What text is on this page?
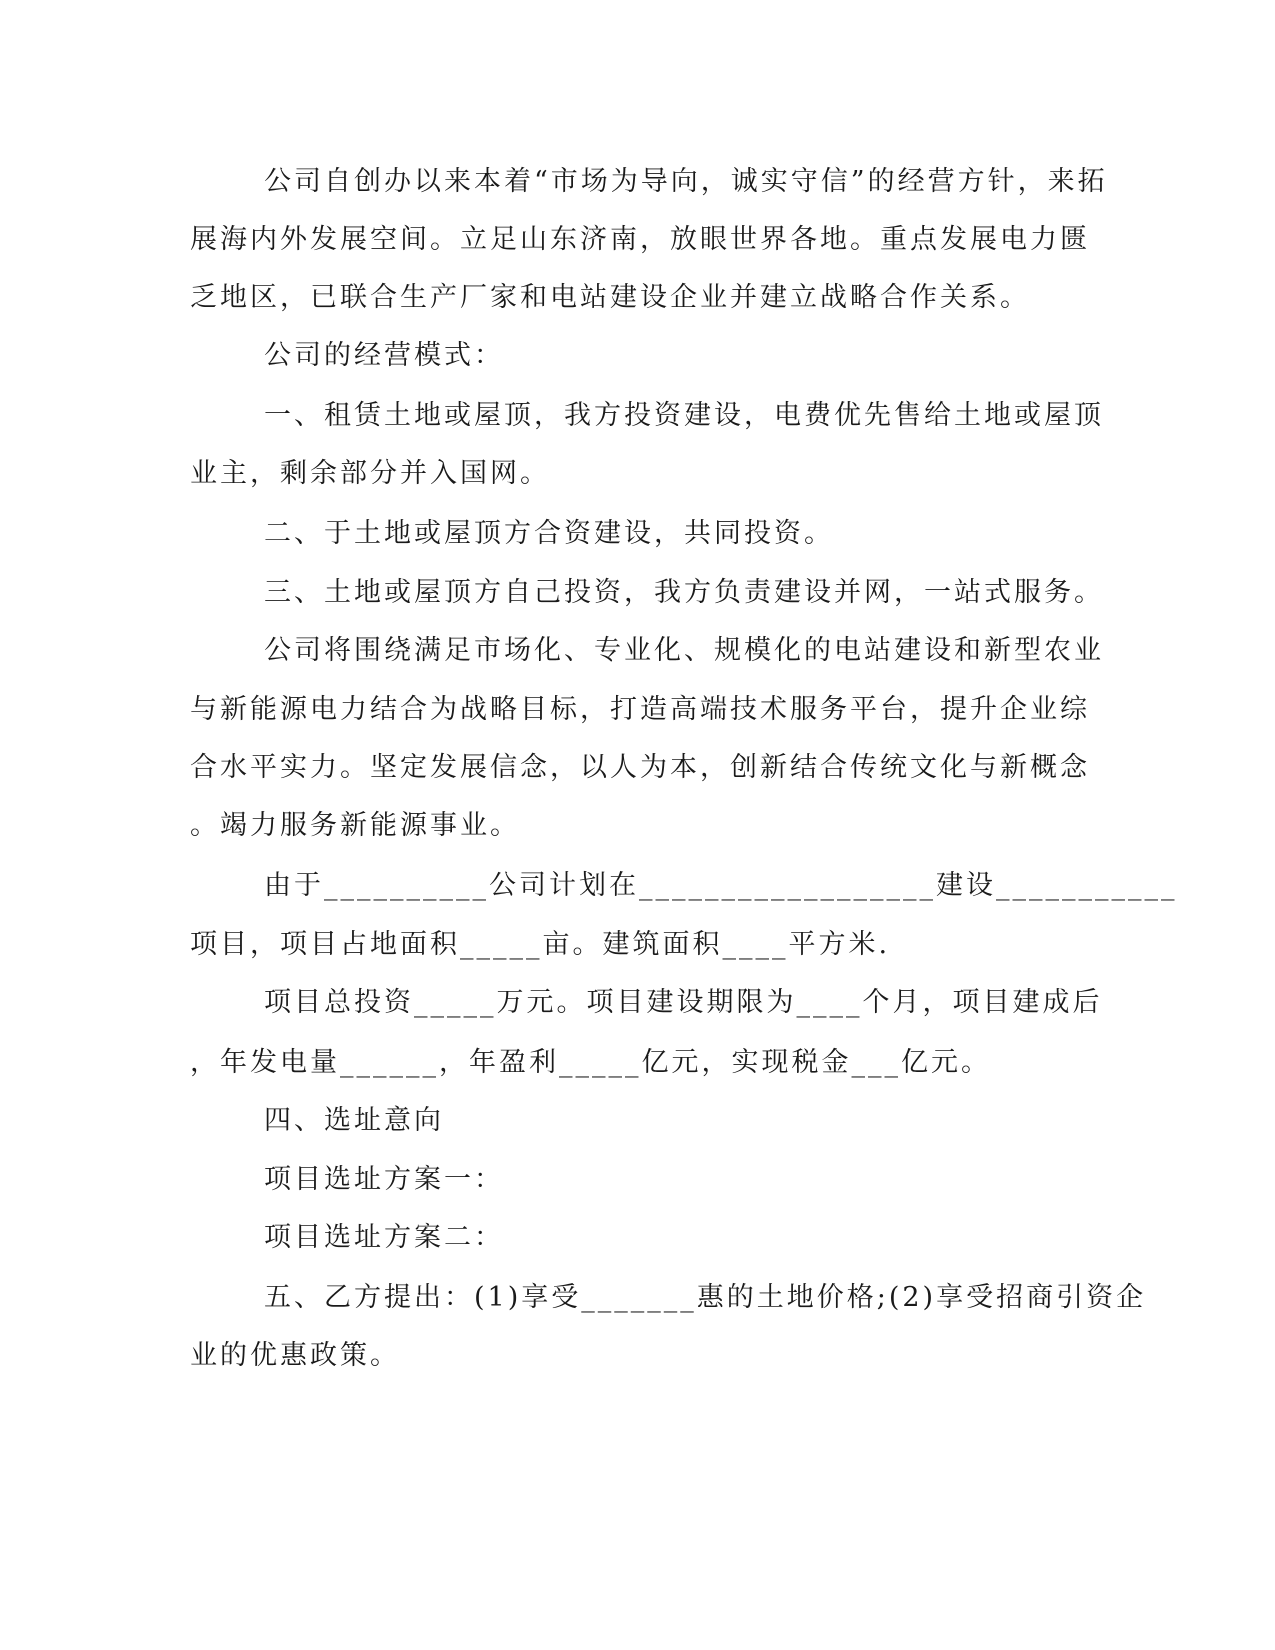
公司自创办以来本着“市场为导向，诚实守信”的经营方针，来拓
展海内外发展空间。立足山东济南，放眼世界各地。重点发展电力匮
乏地区，已联合生产厂家和电站建设企业并建立战略合作关系。
公司的经营模式：
一、租赁土地或屋顶，我方投资建设，电费优先售给土地或屋顶
业主，剩余部分并入国网。
二、于土地或屋顶方合资建设，共同投资。
三、土地或屋顶方自己投资，我方负责建设并网，一站式服务。
公司将围绕满足市场化、专业化、规模化的电站建设和新型农业
与新能源电力结合为战略目标，打造高端技术服务平台，提升企业综
合水平实力。坚定发展信念，以人为本，创新结合传统文化与新概念
。竭力服务新能源事业。
由于__________公司计划在__________________建设___________
项目，项目占地面积_____亩。建筑面积____平方米.
项目总投资_____万元。项目建设期限为____个月，项目建成后
，年发电量______，年盈利_____亿元，实现税金___亿元。
四、选址意向
项目选址方案一：
项目选址方案二：
五、乙方提出：(1)享受_______惠的土地价格;(2)享受招商引资企
业的优惠政策。
